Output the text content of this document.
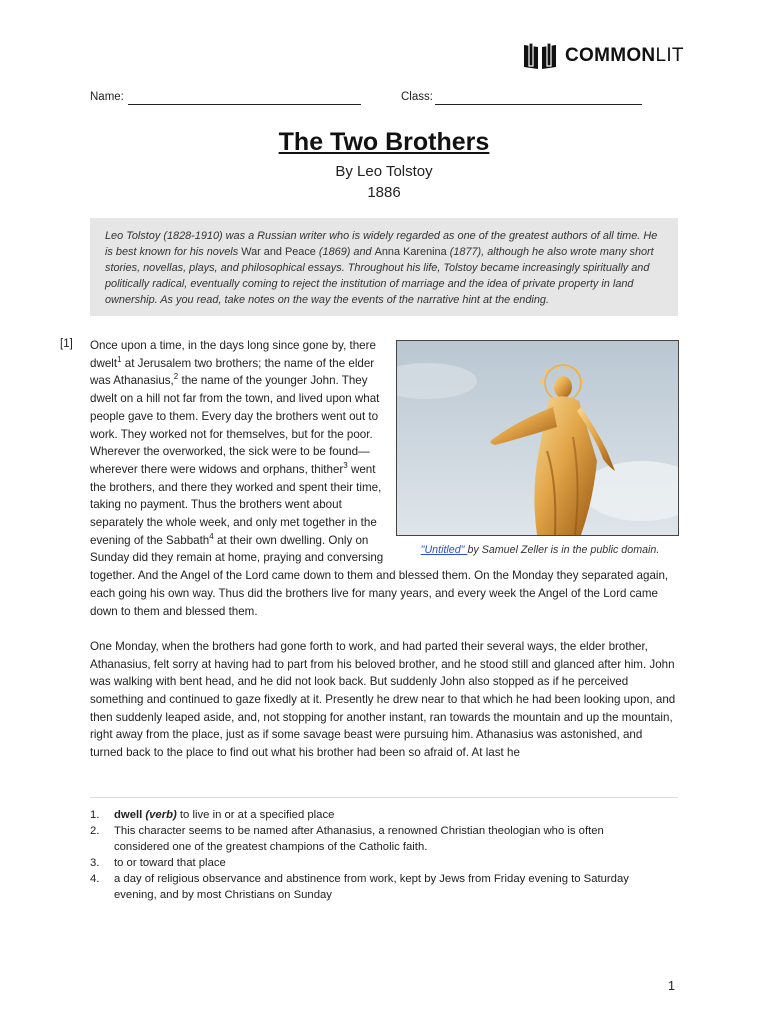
COMMONLIT
Name:	Class:
The Two Brothers
By Leo Tolstoy
1886
Leo Tolstoy (1828-1910) was a Russian writer who is widely regarded as one of the greatest authors of all time. He is best known for his novels War and Peace (1869) and Anna Karenina (1877), although he also wrote many short stories, novellas, plays, and philosophical essays. Throughout his life, Tolstoy became increasingly spiritually and politically radical, eventually coming to reject the institution of marriage and the idea of private property in land ownership. As you read, take notes on the way the events of the narrative hint at the ending.
[1]
"Untitled" by Samuel Zeller is in the public domain.

Once upon a time, in the days long since gone by, there dwelt$^1$ at Jerusalem two brothers; the name of the elder was Athanasius,$^2$ the name of the younger John. They dwelt on a hill not far from the town, and lived upon what people gave to them. Every day the brothers went out to work. They worked not for themselves, but for the poor. Wherever the overworked, the sick were to be found—wherever there were widows and orphans, thither$^3$ went the brothers, and there they worked and spent their time, taking no payment. Thus the brothers went about separately the whole week, and only met together in the evening of the Sabbath$^4$ at their own dwelling. Only on Sunday did they remain at home, praying and conversing together. And the Angel of the Lord came down to them and blessed them. On the Monday they separated again, each going his own way. Thus did the brothers live for many years, and every week the Angel of the Lord came down to them and blessed them.

One Monday, when the brothers had gone forth to work, and had parted their several ways, the elder brother, Athanasius, felt sorry at having had to part from his beloved brother, and he stood still and glanced after him. John was walking with bent head, and he did not look back. But suddenly John also stopped as if he perceived something and continued to gaze fixedly at it. Presently he drew near to that which he had been looking upon, and then suddenly leaped aside, and, not stopping for another instant, ran towards the mountain and up the mountain, right away from the place, just as if some savage beast were pursuing him. Athanasius was astonished, and turned back to the place to find out what his brother had been so afraid of. At last he

1.	dwell (verb) to live in or at a specified place
2.	This character seems to be named after Athanasius, a renowned Christian theologian who is often considered one of the greatest champions of the Catholic faith.
3.	to or toward that place
4.	a day of religious observance and abstinence from work, kept by Jews from Friday evening to Saturday evening, and by most Christians on Sunday
1
